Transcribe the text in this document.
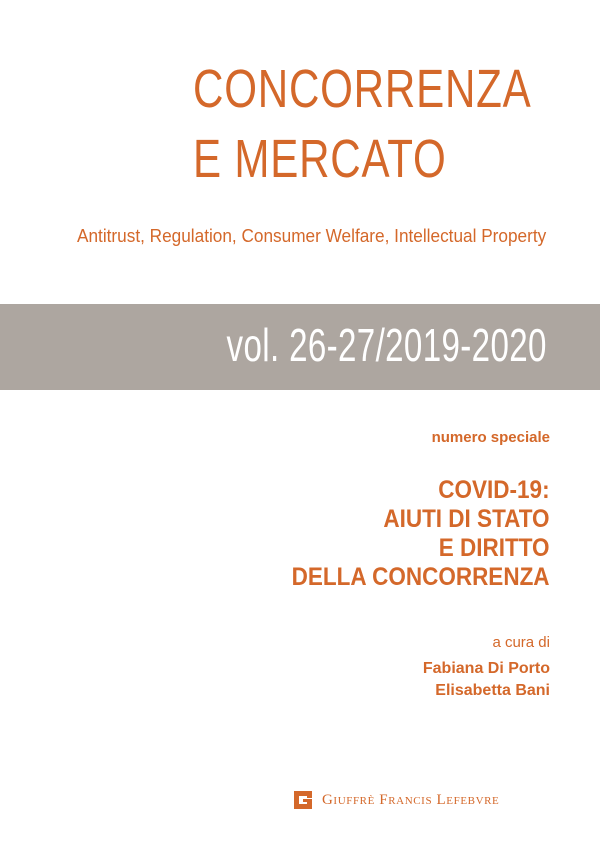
CONCORRENZA
E MERCATO
Antitrust, Regulation, Consumer Welfare, Intellectual Property
vol. 26-27/2019-2020
numero speciale
COVID-19:
AIUTI DI STATO
E DIRITTO
DELLA CONCORRENZA
a cura di
Fabiana Di Porto
Elisabetta Bani
Giuffrè Francis Lefebvre
